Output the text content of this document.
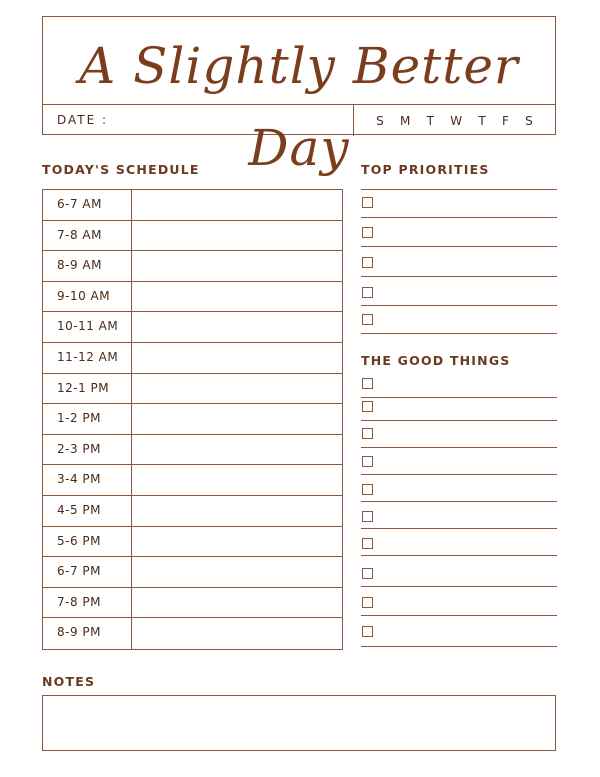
A Slightly Better Day
DATE :	S M T W T F S
TODAY'S SCHEDULE	TOP PRIORITIES
THE GOOD THINGS
NOTES
6-7 AM
7-8 AM
8-9 AM
9-10 AM
10-11 AM
11-12 AM
12-1 PM
1-2 PM
2-3 PM
3-4 PM
4-5 PM
5-6 PM
6-7 PM
7-8 PM
8-9 PM
